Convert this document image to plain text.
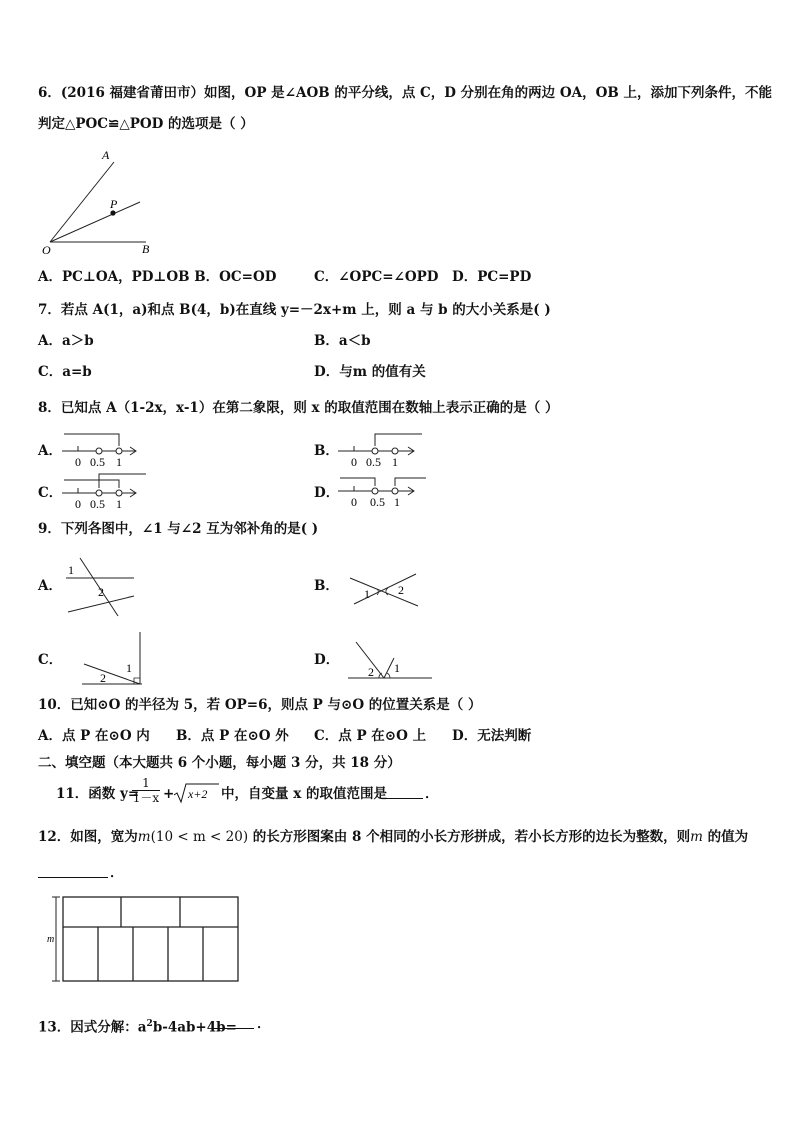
6．(2016 福建省莆田市）如图，OP 是∠AOB 的平分线，点 C，D 分别在角的两边 OA，OB 上，添加下列条件，不能
判定△POC≌△POD 的选项是（ ）
A
P
O	B
A．PC⊥OA，PD⊥OB B．OC=OD	C．∠OPC=∠OPD D．PC=PD
7．若点 A(1，a)和点 B(4，b)在直线 y=－2x+m 上，则 a 与 b 的大小关系是( )
A．a＞b	B．a＜b
C．a=b	D．与m 的值有关
8．已知点 A（1-2x，x-1）在第二象限，则 x 的取值范围在数轴上表示正确的是（ ）
A．
0 0.5 1
B．
0 0.5 1
C．
0 0.5 1
D．
0 0.5 1
9．下列各图中，∠1 与∠2 互为邻补角的是( )
A．
1
2	B． 1 2
C．	1
2
D．
2 1
10．已知⊙O 的半径为 5，若 OP=6，则点 P 与⊙O 的位置关系是（ ）
A．点 P 在⊙O 内 B．点 P 在⊙O 外 C．点 P 在⊙O 上 D．无法判断
二、填空题（本大题共 6 个小题，每小题 3 分，共 18 分）
11．函数 y=
$\frac{1}{1-x} + x+2$ 中，自变量 x 的取值范围是	．
12．如图，宽为m(10 < m < 20) 的长方形图案由 8 个相同的小长方形拼成，若小长方形的边长为整数，则m 的值为
．
m
13．因式分解：$a^2b-4ab+4b=$ ．
